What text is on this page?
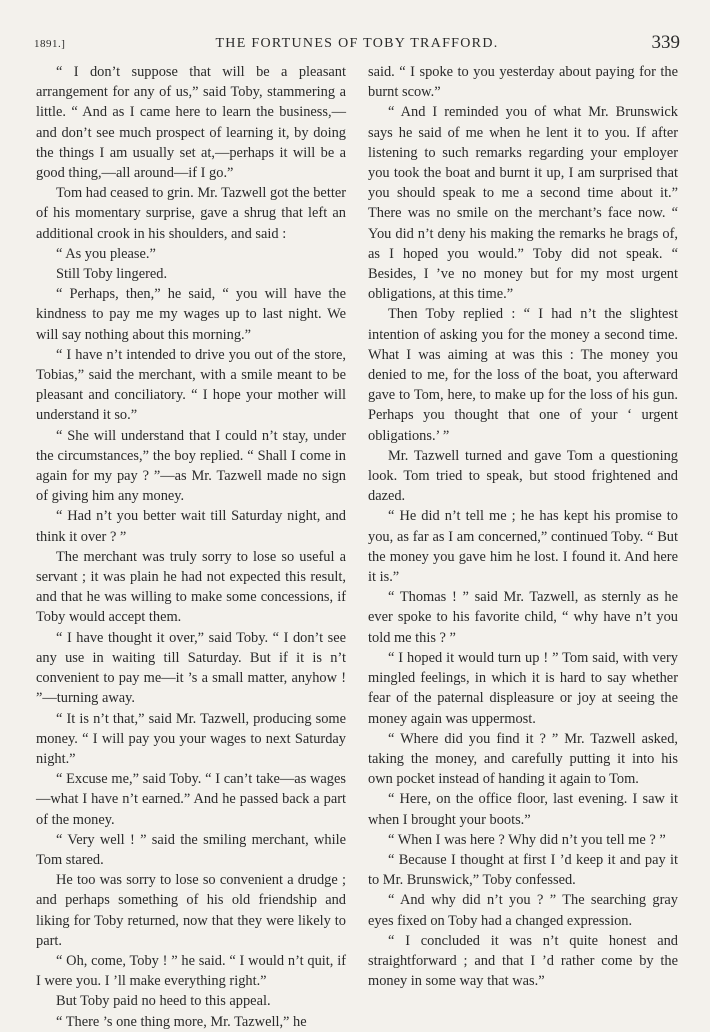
1891.]	THE FORTUNES OF TOBY TRAFFORD.	339

“ I don’t suppose that will be a pleasant arrangement for any of us,” said Toby, stammering a little. “ And as I came here to learn the business,—and don’t see much prospect of learning it, by doing the things I am usually set at,—perhaps it will be a good thing,—all around—if I go.”

Tom had ceased to grin. Mr. Tazwell got the better of his momentary surprise, gave a shrug that left an additional crook in his shoulders, and said :

“ As you please.”

Still Toby lingered.

“ Perhaps, then,” he said, “ you will have the kindness to pay me my wages up to last night. We will say nothing about this morning.”

“ I have n’t intended to drive you out of the store, Tobias,” said the merchant, with a smile meant to be pleasant and conciliatory. “ I hope your mother will understand it so.”

“ She will understand that I could n’t stay, under the circumstances,” the boy replied. “ Shall I come in again for my pay ? ”—as Mr. Tazwell made no sign of giving him any money.

“ Had n’t you better wait till Saturday night, and think it over ? ”

The merchant was truly sorry to lose so useful a servant ; it was plain he had not expected this result, and that he was willing to make some concessions, if Toby would accept them.

“ I have thought it over,” said Toby. “ I don’t see any use in waiting till Saturday. But if it is n’t convenient to pay me—it ’s a small matter, anyhow ! ”—turning away.

“ It is n’t that,” said Mr. Tazwell, producing some money. “ I will pay you your wages to next Saturday night.”

“ Excuse me,” said Toby. “ I can’t take—as wages—what I have n’t earned.” And he passed back a part of the money.

“ Very well ! ” said the smiling merchant, while Tom stared.

He too was sorry to lose so convenient a drudge ; and perhaps something of his old friendship and liking for Toby returned, now that they were likely to part.

“ Oh, come, Toby ! ” he said. “ I would n’t quit, if I were you. I ’ll make everything right.”

But Toby paid no heed to this appeal.

“ There ’s one thing more, Mr. Tazwell,” he

said. “ I spoke to you yesterday about paying for the burnt scow.”

“ And I reminded you of what Mr. Brunswick says he said of me when he lent it to you. If after listening to such remarks regarding your employer you took the boat and burnt it up, I am surprised that you should speak to me a second time about it.” There was no smile on the merchant’s face now. “ You did n’t deny his making the remarks he brags of, as I hoped you would.” Toby did not speak. “ Besides, I ’ve no money but for my most urgent obligations, at this time.”

Then Toby replied : “ I had n’t the slightest intention of asking you for the money a second time. What I was aiming at was this : The money you denied to me, for the loss of the boat, you afterward gave to Tom, here, to make up for the loss of his gun. Perhaps you thought that one of your ‘ urgent obligations.’ ”

Mr. Tazwell turned and gave Tom a questioning look. Tom tried to speak, but stood frightened and dazed.

“ He did n’t tell me ; he has kept his promise to you, as far as I am concerned,” continued Toby. “ But the money you gave him he lost. I found it. And here it is.”

“ Thomas ! ” said Mr. Tazwell, as sternly as he ever spoke to his favorite child, “ why have n’t you told me this ? ”

“ I hoped it would turn up ! ” Tom said, with very mingled feelings, in which it is hard to say whether fear of the paternal displeasure or joy at seeing the money again was uppermost.

“ Where did you find it ? ” Mr. Tazwell asked, taking the money, and carefully putting it into his own pocket instead of handing it again to Tom.

“ Here, on the office floor, last evening. I saw it when I brought your boots.”

“ When I was here ? Why did n’t you tell me ? ”

“ Because I thought at first I ’d keep it and pay it to Mr. Brunswick,” Toby confessed.

“ And why did n’t you ? ” The searching gray eyes fixed on Toby had a changed expression.

“ I concluded it was n’t quite honest and straightforward ; and that I ’d rather come by the money in some way that was.”
